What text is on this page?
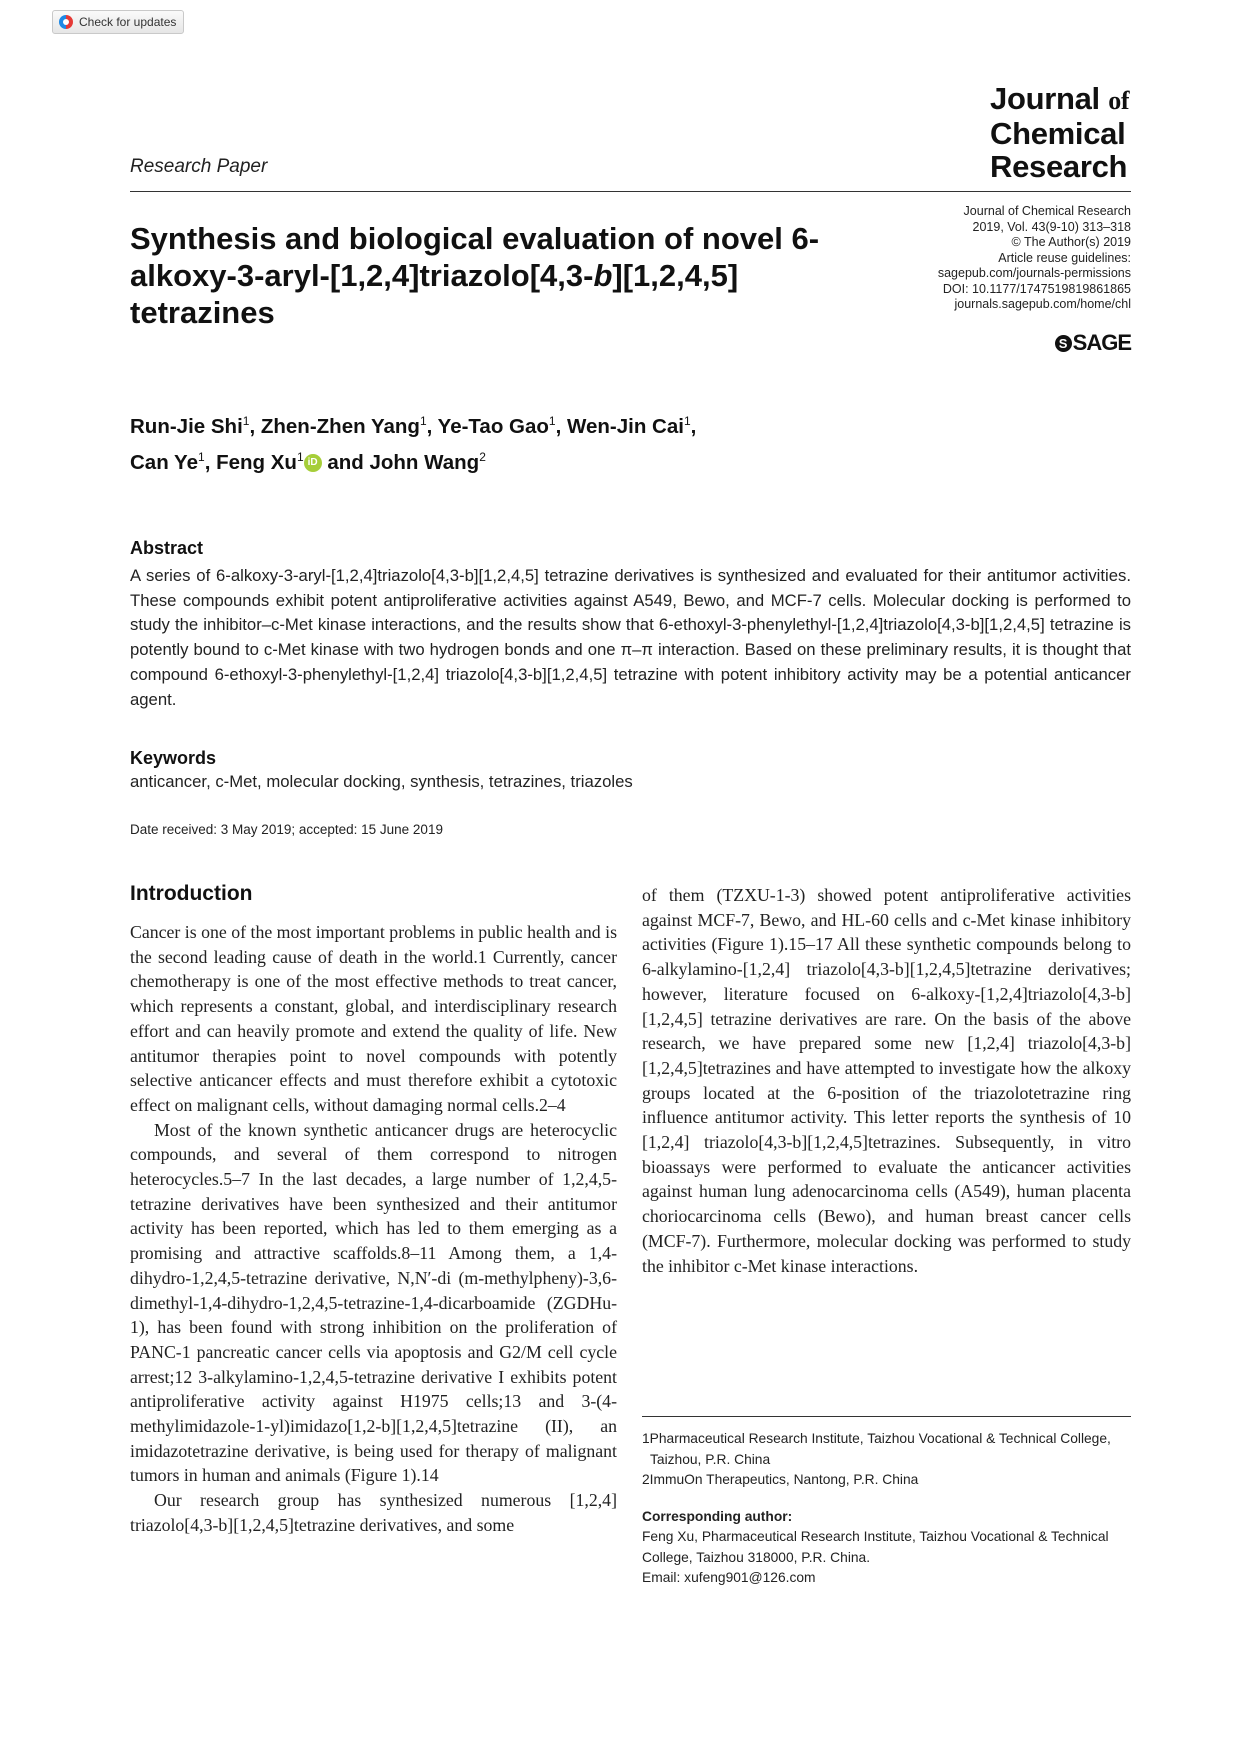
Check for updates
Research Paper
Journal of
Chemical
Research
Synthesis and biological evaluation of novel 6-alkoxy-3-aryl-[1,2,4]triazolo[4,3-b][1,2,4,5] tetrazines
Journal of Chemical Research
2019, Vol. 43(9-10) 313–318
© The Author(s) 2019
Article reuse guidelines:
sagepub.com/journals-permissions
DOI: 10.1177/1747519819861865
journals.sagepub.com/home/chl
S SAGE
Run-Jie Shi$^1$, Zhen-Zhen Yang$^1$, Ye-Tao Gao$^1$, Wen-Jin Cai$^1$,
Can Ye$^1$, Feng Xu$^1$ iD and John Wang$^2$
Abstract
A series of 6-alkoxy-3-aryl-[1,2,4]triazolo[4,3-b][1,2,4,5] tetrazine derivatives is synthesized and evaluated for their antitumor activities. These compounds exhibit potent antiproliferative activities against A549, Bewo, and MCF-7 cells. Molecular docking is performed to study the inhibitor–c-Met kinase interactions, and the results show that 6-ethoxyl-3-phenylethyl-[1,2,4]triazolo[4,3-b][1,2,4,5] tetrazine is potently bound to c-Met kinase with two hydrogen bonds and one π–π interaction. Based on these preliminary results, it is thought that compound 6-ethoxyl-3-phenylethyl-[1,2,4] triazolo[4,3-b][1,2,4,5] tetrazine with potent inhibitory activity may be a potential anticancer agent.
Keywords
anticancer, c-Met, molecular docking, synthesis, tetrazines, triazoles
Date received: 3 May 2019; accepted: 15 June 2019
Introduction

Cancer is one of the most important problems in public health and is the second leading cause of death in the world.1 Currently, cancer chemotherapy is one of the most effective methods to treat cancer, which represents a constant, global, and interdisciplinary research effort and can heavily promote and extend the quality of life. New antitumor therapies point to novel compounds with potently selective anticancer effects and must therefore exhibit a cytotoxic effect on malignant cells, without damaging normal cells.2–4

Most of the known synthetic anticancer drugs are heterocyclic compounds, and several of them correspond to nitrogen heterocycles.5–7 In the last decades, a large number of 1,2,4,5-tetrazine derivatives have been synthesized and their antitumor activity has been reported, which has led to them emerging as a promising and attractive scaffolds.8–11 Among them, a 1,4-dihydro-1,2,4,5-tetrazine derivative, N,N′-di (m-methylpheny)-3,6-dimethyl-1,4-dihydro-1,2,4,5-tetrazine-1,4-dicarboamide (ZGDHu-1), has been found with strong inhibition on the proliferation of PANC-1 pancreatic cancer cells via apoptosis and G2/M cell cycle arrest;12 3-alkylamino-1,2,4,5-tetrazine derivative I exhibits potent antiproliferative activity against H1975 cells;13 and 3-(4-methylimidazole-1-yl)imidazo[1,2-b][1,2,4,5]tetrazine (II), an imidazotetrazine derivative, is being used for therapy of malignant tumors in human and animals (Figure 1).14

Our research group has synthesized numerous [1,2,4] triazolo[4,3-b][1,2,4,5]tetrazine derivatives, and some

of them (TZXU-1-3) showed potent antiproliferative activities against MCF-7, Bewo, and HL-60 cells and c-Met kinase inhibitory activities (Figure 1).15–17 All these synthetic compounds belong to 6-alkylamino-[1,2,4] triazolo[4,3-b][1,2,4,5]tetrazine derivatives; however, literature focused on 6-alkoxy-[1,2,4]triazolo[4,3-b] [1,2,4,5] tetrazine derivatives are rare. On the basis of the above research, we have prepared some new [1,2,4] triazolo[4,3-b][1,2,4,5]tetrazines and have attempted to investigate how the alkoxy groups located at the 6-position of the triazolotetrazine ring influence antitumor activity. This letter reports the synthesis of 10 [1,2,4] triazolo[4,3-b][1,2,4,5]tetrazines. Subsequently, in vitro bioassays were performed to evaluate the anticancer activities against human lung adenocarcinoma cells (A549), human placenta choriocarcinoma cells (Bewo), and human breast cancer cells (MCF-7). Furthermore, molecular docking was performed to study the inhibitor c-Met kinase interactions.

1Pharmaceutical Research Institute, Taizhou Vocational & Technical College, Taizhou, P.R. China

2ImmuOn Therapeutics, Nantong, P.R. China

Corresponding author:

Feng Xu, Pharmaceutical Research Institute, Taizhou Vocational & Technical College, Taizhou 318000, P.R. China.

Email: xufeng901@126.com
